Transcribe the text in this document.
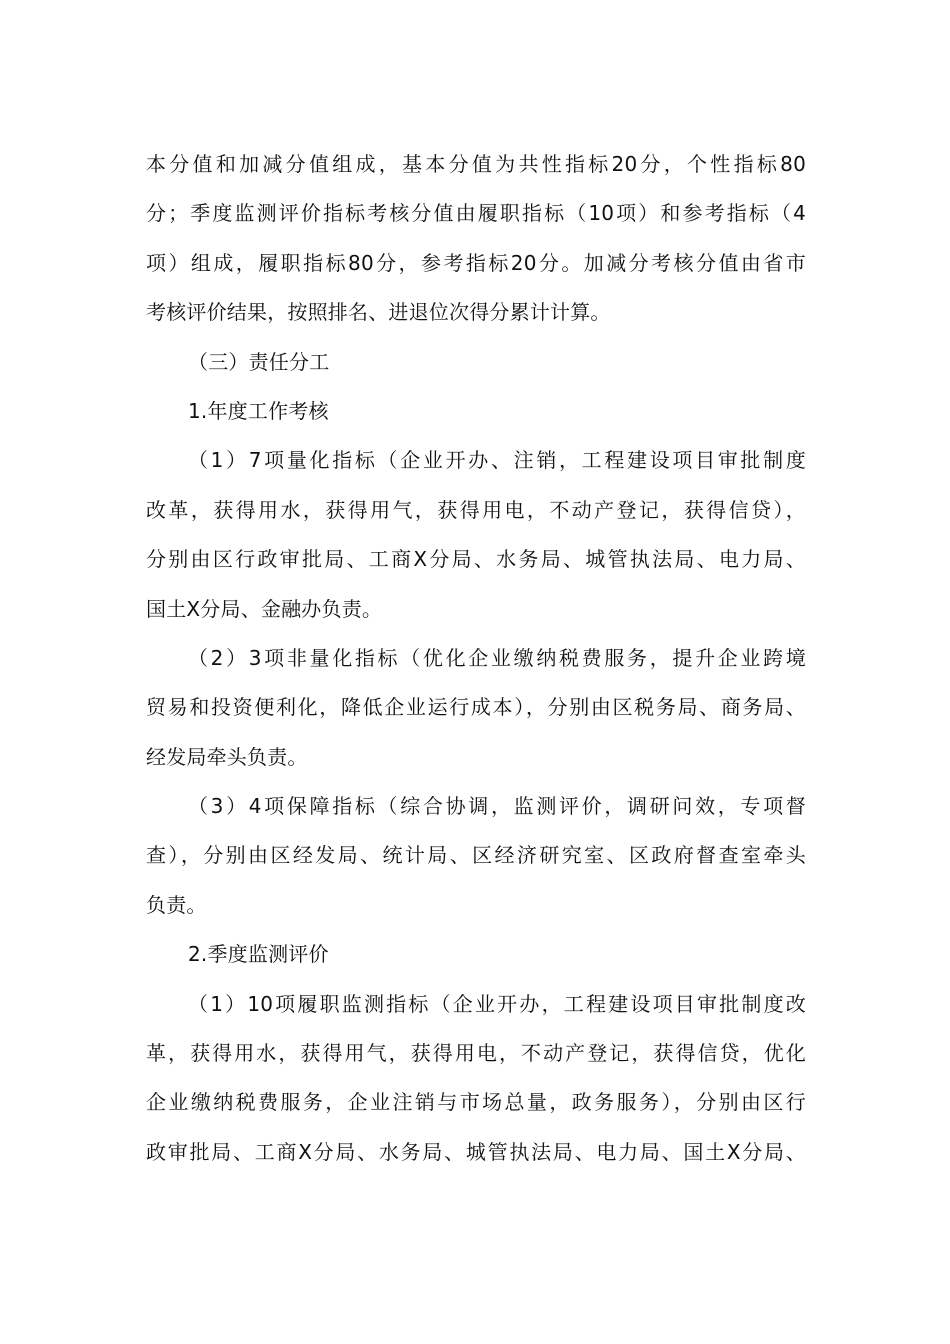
本分值和加减分值组成，基本分值为共性指标20分，个性指标80
分；季度监测评价指标考核分值由履职指标（10项）和参考指标（4
项）组成，履职指标80分，参考指标20分。加减分考核分值由省市
考核评价结果，按照排名、进退位次得分累计计算。
（三）责任分工
1.年度工作考核
（1）7项量化指标（企业开办、注销，工程建设项目审批制度
改革，获得用水，获得用气，获得用电，不动产登记，获得信贷），
分别由区行政审批局、工商X分局、水务局、城管执法局、电力局、
国土X分局、金融办负责。
（2）3项非量化指标（优化企业缴纳税费服务，提升企业跨境
贸易和投资便利化，降低企业运行成本），分别由区税务局、商务局、
经发局牵头负责。
（3）4项保障指标（综合协调，监测评价，调研问效，专项督
查），分别由区经发局、统计局、区经济研究室、区政府督查室牵头
负责。
2.季度监测评价
（1）10项履职监测指标（企业开办，工程建设项目审批制度改
革，获得用水，获得用气，获得用电，不动产登记，获得信贷，优化
企业缴纳税费服务，企业注销与市场总量，政务服务），分别由区行
政审批局、工商X分局、水务局、城管执法局、电力局、国土X分局、
